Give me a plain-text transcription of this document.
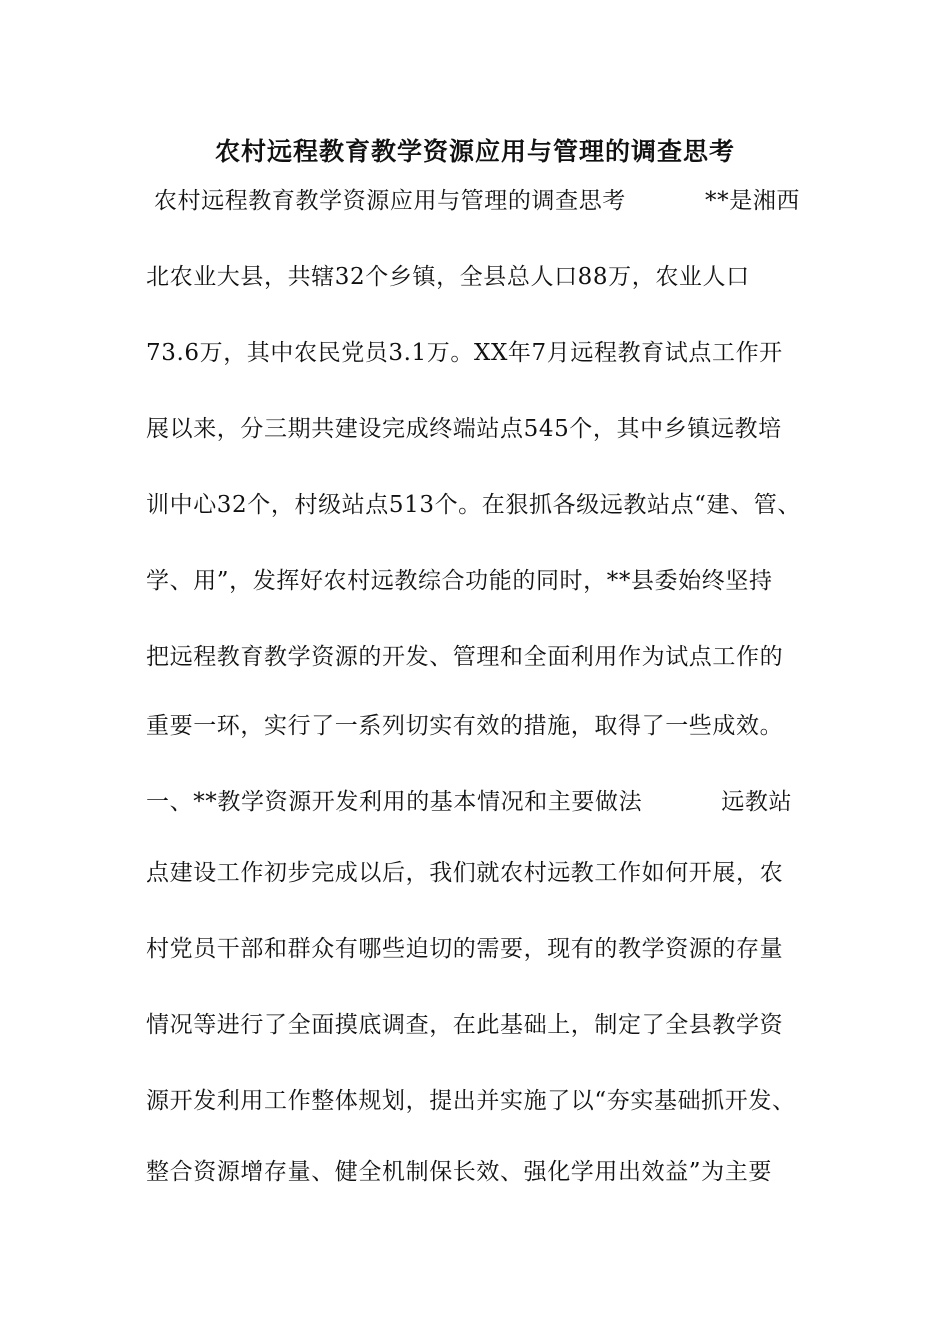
农村远程教育教学资源应用与管理的调查思考

农村远程教育教学资源应用与管理的调查思考          **是湘西

北农业大县，共辖32个乡镇，全县总人口88万，农业人口

73.6万，其中农民党员3.1万。XX年7月远程教育试点工作开

展以来，分三期共建设完成终端站点545个，其中乡镇远教培

训中心32个，村级站点513个。在狠抓各级远教站点“建、管、

学、用”，发挥好农村远教综合功能的同时，**县委始终坚持

把远程教育教学资源的开发、管理和全面利用作为试点工作的

重要一环，实行了一系列切实有效的措施，取得了一些成效。

一、**教学资源开发利用的基本情况和主要做法          远教站

点建设工作初步完成以后，我们就农村远教工作如何开展，农

村党员干部和群众有哪些迫切的需要，现有的教学资源的存量

情况等进行了全面摸底调查，在此基础上，制定了全县教学资

源开发利用工作整体规划，提出并实施了以“夯实基础抓开发、

整合资源增存量、健全机制保长效、强化学用出效益”为主要
